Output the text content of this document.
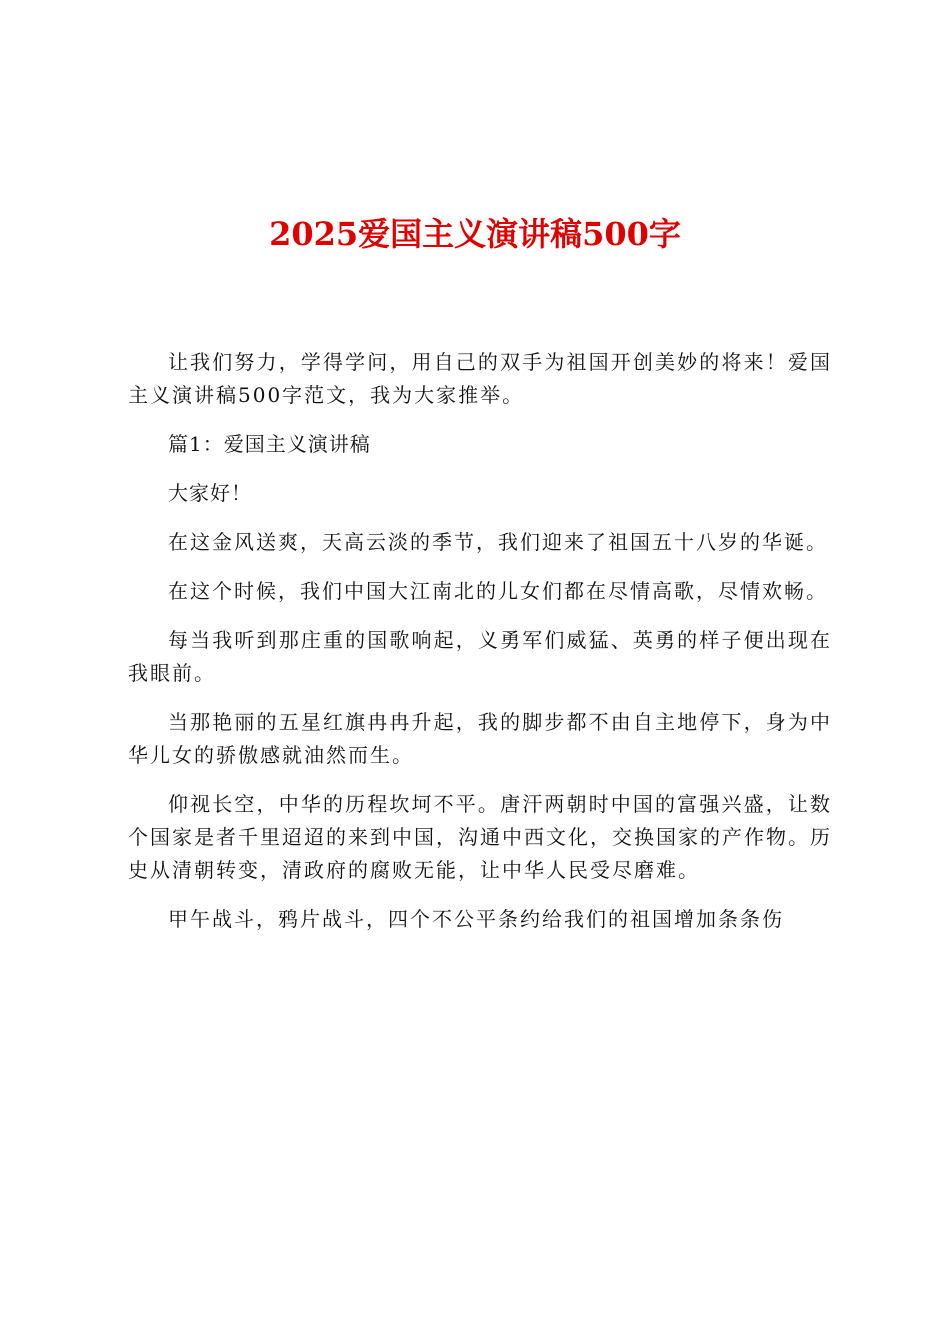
2025爱国主义演讲稿500字

让我们努力，学得学问，用自己的双手为祖国开创美妙的将来！爱国主义演讲稿500字范文，我为大家推举。

篇1：爱国主义演讲稿

大家好！

在这金风送爽，天高云淡的季节，我们迎来了祖国五十八岁的华诞。

在这个时候，我们中国大江南北的儿女们都在尽情高歌，尽情欢畅。

每当我听到那庄重的国歌响起，义勇军们威猛、英勇的样子便出现在我眼前。

当那艳丽的五星红旗冉冉升起，我的脚步都不由自主地停下，身为中华儿女的骄傲感就油然而生。

仰视长空，中华的历程坎坷不平。唐汗两朝时中国的富强兴盛，让数个国家是者千里迢迢的来到中国，沟通中西文化，交换国家的产作物。历史从清朝转变，清政府的腐败无能，让中华人民受尽磨难。

甲午战斗，鸦片战斗，四个不公平条约给我们的祖国增加条条伤
